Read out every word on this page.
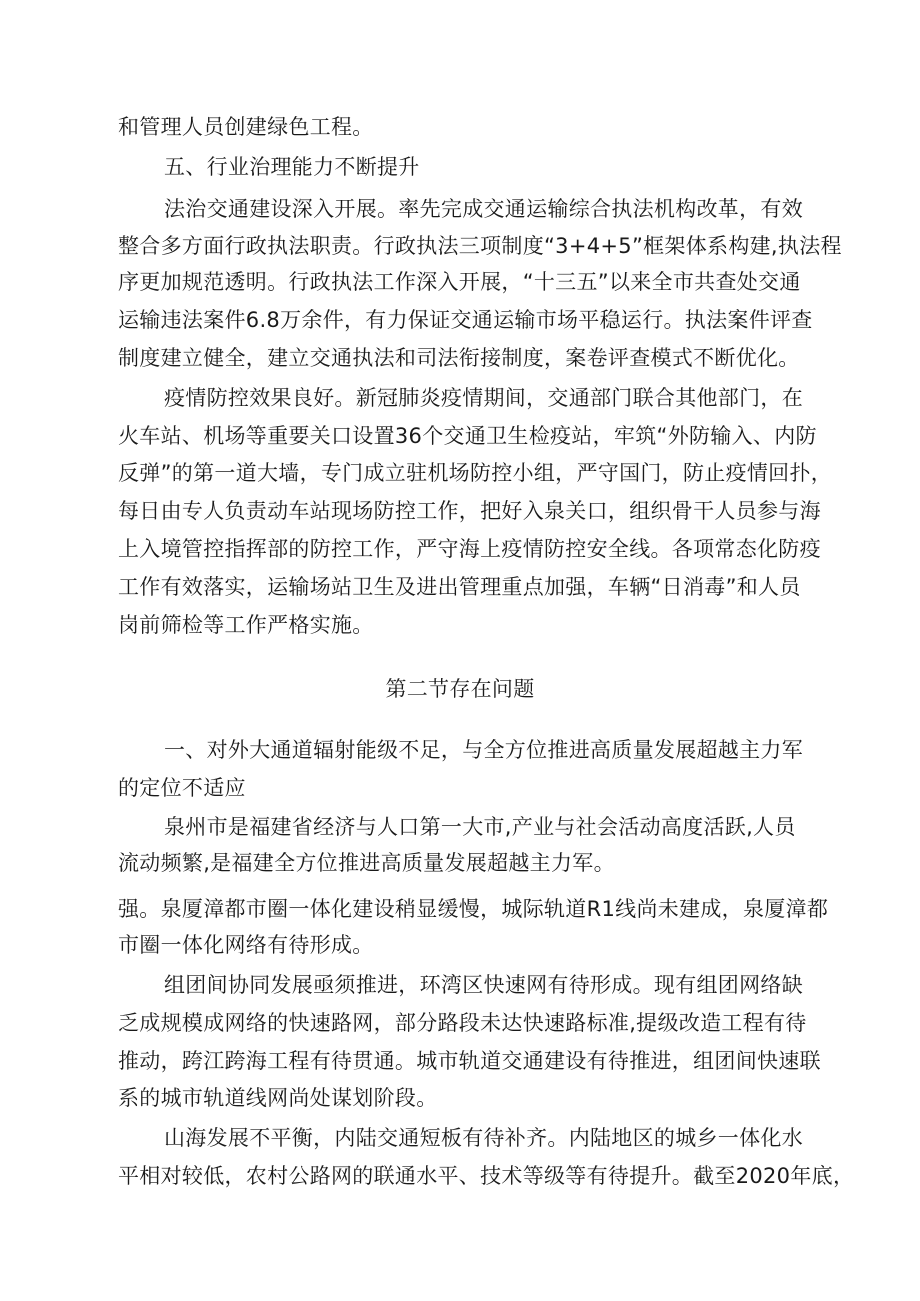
和管理人员创建绿色工程。
五、行业治理能力不断提升
法治交通建设深入开展。率先完成交通运输综合执法机构改革，有效
整合多方面行政执法职责。行政执法三项制度“3+4+5”框架体系构建,执法程
序更加规范透明。行政执法工作深入开展，“十三五”以来全市共查处交通
运输违法案件6.8万余件，有力保证交通运输市场平稳运行。执法案件评查
制度建立健全，建立交通执法和司法衔接制度，案卷评查模式不断优化。
疫情防控效果良好。新冠肺炎疫情期间，交通部门联合其他部门，在
火车站、机场等重要关口设置36个交通卫生检疫站，牢筑“外防输入、内防
反弹”的第一道大墙，专门成立驻机场防控小组，严守国门，防止疫情回扑，
每日由专人负责动车站现场防控工作，把好入泉关口，组织骨干人员参与海
上入境管控指挥部的防控工作，严守海上疫情防控安全线。各项常态化防疫
工作有效落实，运输场站卫生及进出管理重点加强，车辆“日消毒”和人员
岗前筛检等工作严格实施。
第二节存在问题
一、对外大通道辐射能级不足，与全方位推进高质量发展超越主力军
的定位不适应
泉州市是福建省经济与人口第一大市,产业与社会活动高度活跃,人员
流动频繁,是福建全方位推进高质量发展超越主力军。
强。泉厦漳都市圈一体化建设稍显缓慢，城际轨道R1线尚未建成，泉厦漳都
市圈一体化网络有待形成。
组团间协同发展亟须推进，环湾区快速网有待形成。现有组团网络缺
乏成规模成网络的快速路网，部分路段未达快速路标准,提级改造工程有待
推动，跨江跨海工程有待贯通。城市轨道交通建设有待推进，组团间快速联
系的城市轨道线网尚处谋划阶段。
山海发展不平衡，内陆交通短板有待补齐。内陆地区的城乡一体化水
平相对较低，农村公路网的联通水平、技术等级等有待提升。截至2020年底，
